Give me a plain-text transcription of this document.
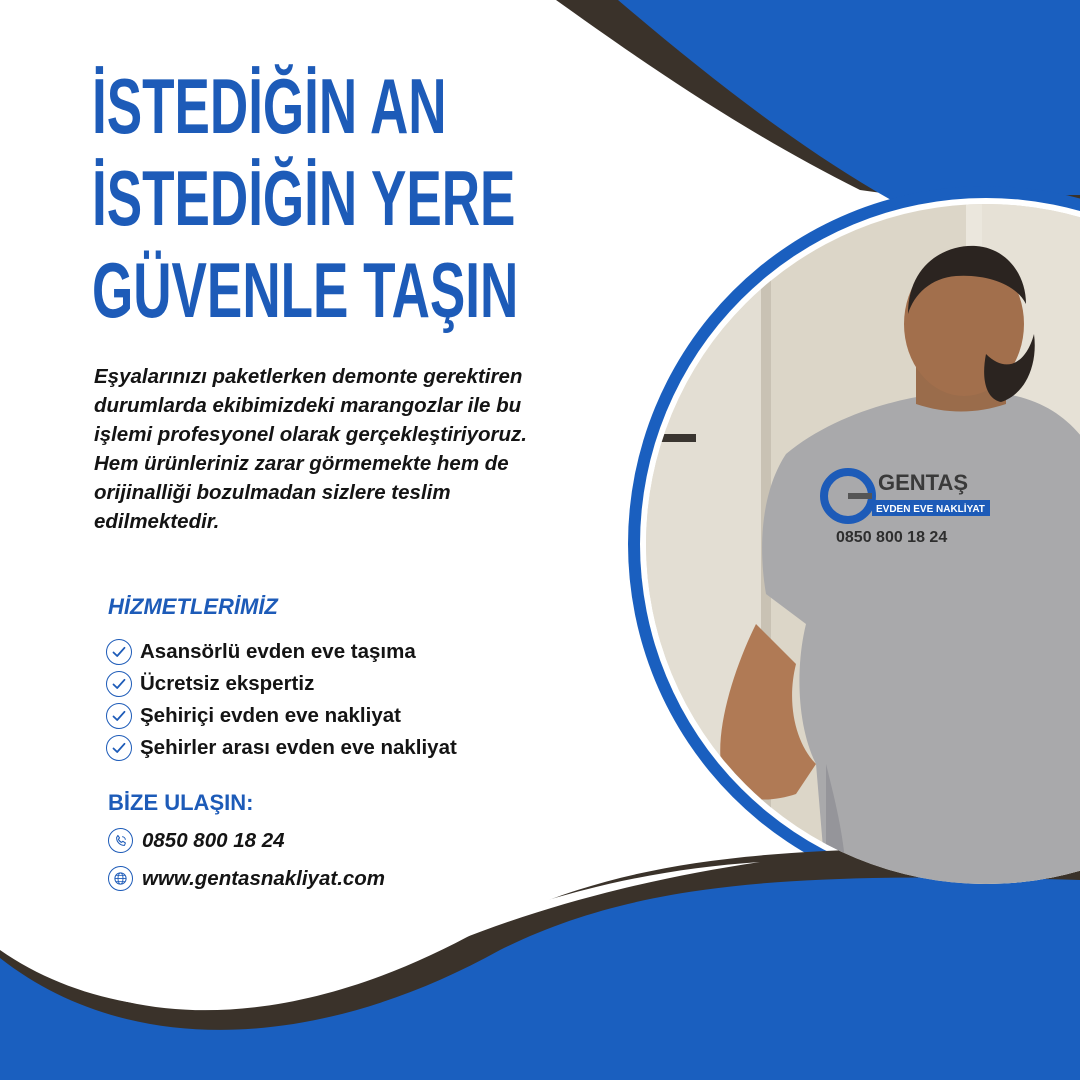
İSTEDİĞİN AN
İSTEDİĞİN YERE
GÜVENLE TAŞIN

Eşyalarınızı paketlerken demonte gerektiren durumlarda ekibimizdeki marangozlar ile bu işlemi profesyonel olarak gerçekleştiriyoruz. Hem ürünleriniz zarar görmemekte hem de orijinalliği bozulmadan sizlere teslim edilmektedir.

HİZMETLERİMİZ
Asansörlü evden eve taşıma
Ücretsiz ekspertiz
Şehiriçi evden eve nakliyat
Şehirler arası evden eve nakliyat
BİZE ULAŞIN:
0850 800 18 24
www.gentasnakliyat.com
GENTAŞ
EVDEN EVE NAKLİYAT
0850 800 18 24
